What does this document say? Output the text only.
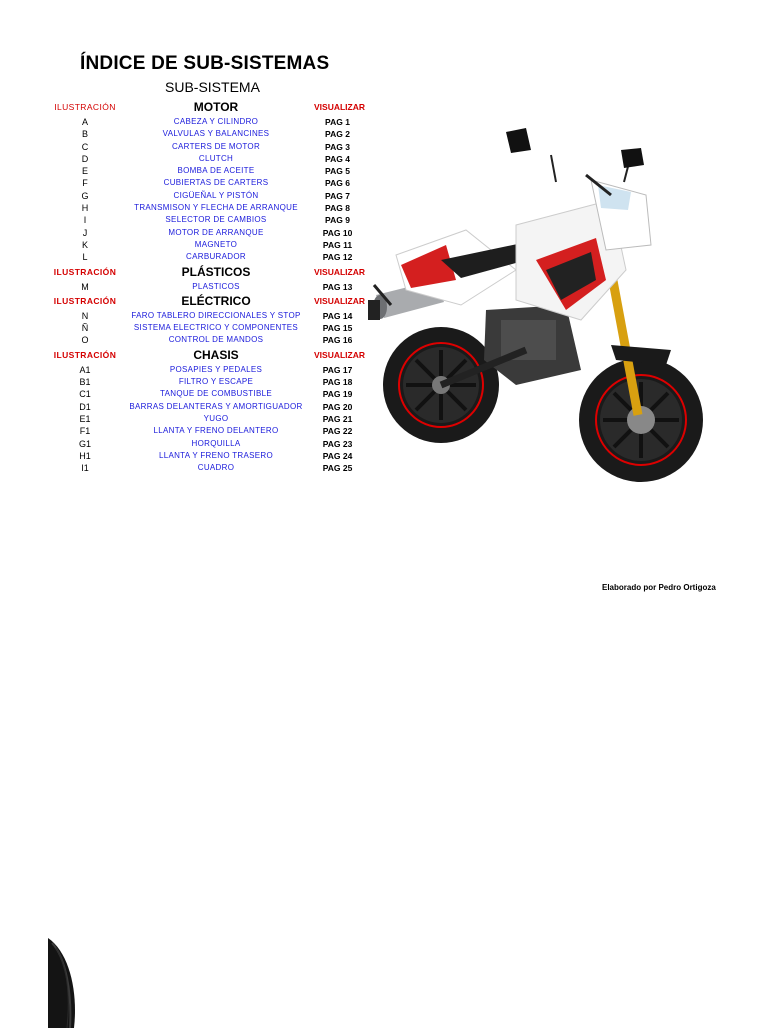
ÍNDICE DE SUB-SISTEMAS
SUB-SISTEMA
ILUSTRACIÓN	MOTOR	VISUALIZAR
A	CABEZA Y CILINDRO	PAG 1
B	VALVULAS Y BALANCINES	PAG 2
C	CARTERS DE MOTOR	PAG 3
D	CLUTCH	PAG 4
E	BOMBA DE ACEITE	PAG 5
F	CUBIERTAS DE CARTERS	PAG 6
G	CIGÜEÑAL Y PISTÓN	PAG 7
H	TRANSMISON Y FLECHA DE ARRANQUE	PAG 8
I	SELECTOR DE CAMBIOS	PAG 9
J	MOTOR DE ARRANQUE	PAG 10
K	MAGNETO	PAG 11
L	CARBURADOR	PAG 12
ILUSTRACIÓN	PLÁSTICOS	VISUALIZAR
M	PLASTICOS	PAG 13
ILUSTRACIÓN	ELÉCTRICO	VISUALIZAR
N	FARO TABLERO DIRECCIONALES Y STOP	PAG 14
Ñ	SISTEMA ELECTRICO Y COMPONENTES	PAG 15
O	CONTROL DE MANDOS	PAG 16
ILUSTRACIÓN	CHASIS	VISUALIZAR
A1	POSAPIES Y PEDALES	PAG 17
B1	FILTRO Y ESCAPE	PAG 18
C1	TANQUE DE COMBUSTIBLE	PAG 19
D1	BARRAS DELANTERAS Y AMORTIGUADOR	PAG 20
E1	YUGO	PAG 21
F1	LLANTA Y FRENO DELANTERO	PAG 22
G1	HORQUILLA	PAG 23
H1	LLANTA Y FRENO TRASERO	PAG 24
I1	CUADRO	PAG 25
Elaborado por Pedro Ortigoza
